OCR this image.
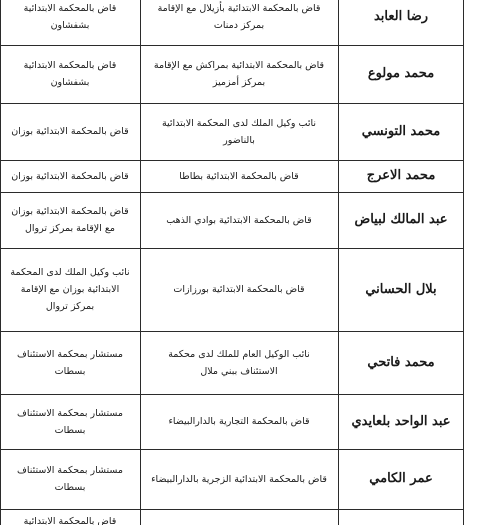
رضا العابد
قاض بالمحكمة الابتدائية بأزيلال مع الإقامة بمركز دمنات
قاض بالمحكمة الابتدائية بشفشاون
محمد مولوع
قاض بالمحكمة الابتدائية بمراكش مع الإقامة بمركز أمزميز
قاض بالمحكمة الابتدائية بشفشاون
محمد التونسي
نائب وكيل الملك لدى المحكمة الابتدائية بالناضور
قاض بالمحكمة الابتدائية بوزان
محمد الاعرج
قاض بالمحكمة الابتدائية بطاطا
قاض بالمحكمة الابتدائية بوزان
عبد المالك لبياض
قاض بالمحكمة الابتدائية بوادي الذهب
قاض بالمحكمة الابتدائية بوزان مع الإقامة بمركز تروال
بلال الحساني
قاض بالمحكمة الابتدائية بورزازات
نائب وكيل الملك لدى المحكمة الابتدائية بوزان مع الإقامة بمركز تروال
محمد فاتحي
نائب الوكيل العام للملك لدى محكمة الاستئناف ببني ملال
مستشار بمحكمة الاستئناف بسطات
عبد الواحد بلعايدي
قاض بالمحكمة التجارية بالدارالبيضاء
مستشار بمحكمة الاستئناف بسطات
عمر الكامي
قاض بالمحكمة الابتدائية الزجرية بالدارالبيضاء
مستشار بمحكمة الاستئناف بسطات
قاض بالمحكمة الابتدائية
